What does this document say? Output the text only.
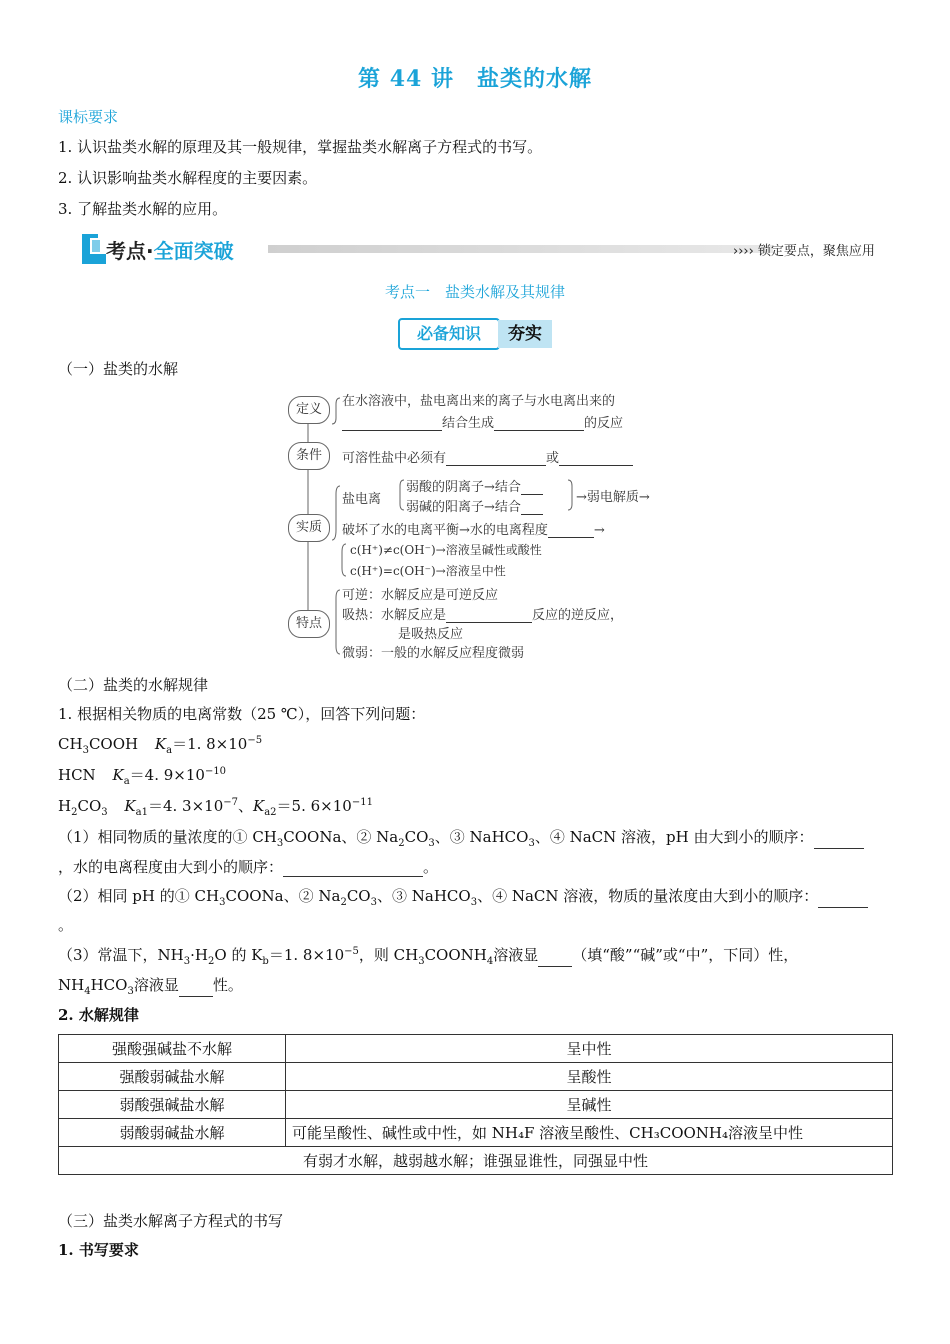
第 44 讲　盐类的水解
课标要求
1. 认识盐类水解的原理及其一般规律，掌握盐类水解离子方程式的书写。
2. 认识影响盐类水解程度的主要因素。
3. 了解盐类水解的应用。
考点·全面突破	›››› 锁定要点，聚焦应用
考点一　盐类水解及其规律
必备知识	夯实
（一）盐类的水解
定义
条件
实质
特点
在水溶液中，盐电离出来的离子与水电离出来的
结合生成	的反应
可溶性盐中必须有	或
盐电离
弱酸的阴离子→结合
弱碱的阳离子→结合
→弱电解质→
破坏了水的电离平衡→水的电离程度	→
c(H⁺)≠c(OH⁻)→溶液呈碱性或酸性
c(H⁺)=c(OH⁻)→溶液呈中性
可逆：水解反应是可逆反应
吸热：水解反应是	反应的逆反应，
是吸热反应
微弱：一般的水解反应程度微弱
（二）盐类的水解规律
1. 根据相关物质的电离常数（25 ℃），回答下列问题：
$CH_3COOH$ $K_a=1$. $8\times 10^{-5}$
HCN $K_a=4$. $9\times 10^{-10}$
$H_2CO_3$ $K_{a1}=4$. $3\times 10^{-7}$、$K_{a2}=5$. $6\times 10^{-11}$
（1）相同物质的量浓度的① $CH_3COONa$、② $Na_2CO_3$、③ NaHCO$_3$、④ NaCN 溶液，pH 由大到小的顺序：
，水的电离程度由大到小的顺序：	。
（2）相同 pH 的① $CH_3COONa$、② $Na_2CO_3$、③ NaHCO$_3$、④ NaCN 溶液，物质的量浓度由大到小的顺序：
。
（3）常温下，$NH_3\cdot H_2O$ 的 $K_b=1$. $8\times 10^{-5}$，则 $CH_3COONH_4$溶液显 （填“酸”“碱”或“中”，下同）性，
$NH_4HCO_3$溶液显 性。
2. 水解规律
强酸强碱盐不水解	呈中性
强酸弱碱盐水解	呈酸性
弱酸强碱盐水解	呈碱性
弱酸弱碱盐水解	可能呈酸性、碱性或中性，如 NH₄F 溶液呈酸性、CH₃COONH₄溶液呈中性
有弱才水解，越弱越水解；谁强显谁性，同强显中性	
（三）盐类水解离子方程式的书写
1. 书写要求
